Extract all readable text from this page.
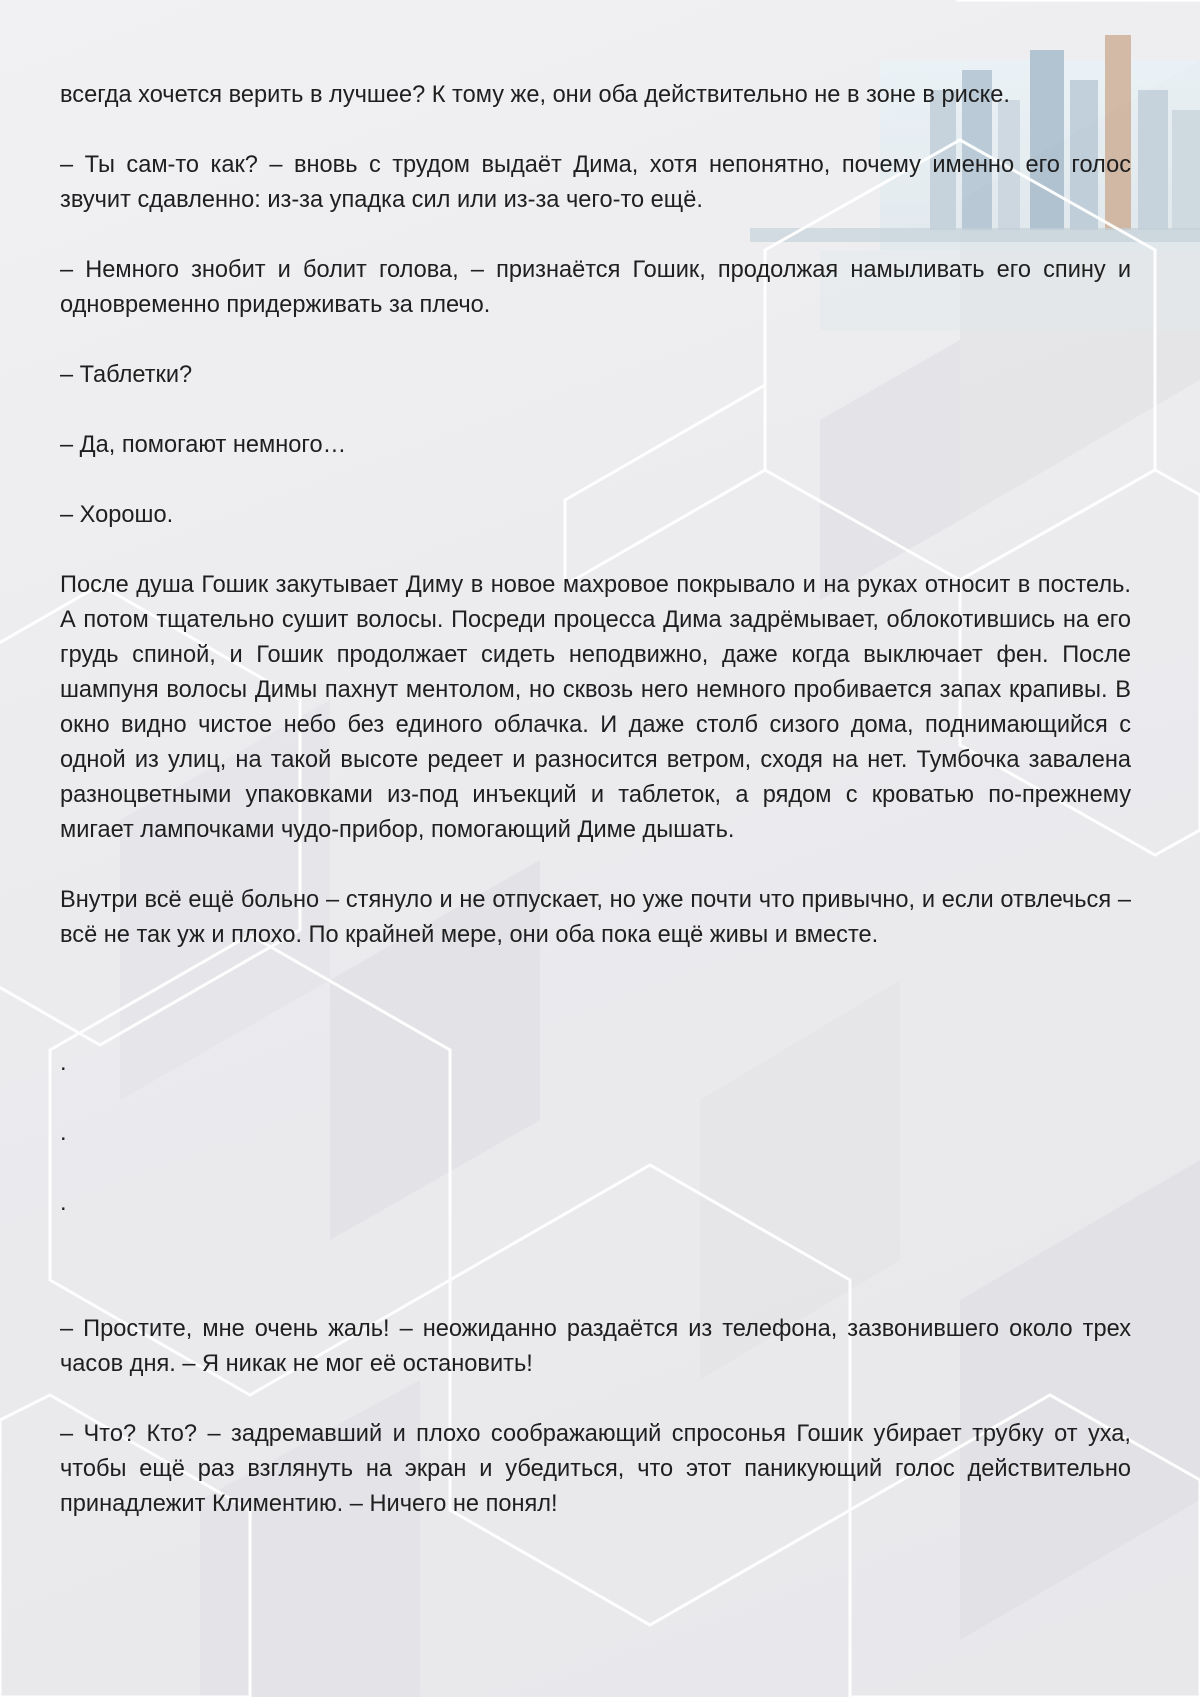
всегда хочется верить в лучшее? К тому же, они оба действительно не в зоне в риске.

– Ты сам-то как? – вновь с трудом выдаёт Дима, хотя непонятно, почему именно его голос звучит сдавленно: из-за упадка сил или из-за чего-то ещё.

– Немного знобит и болит голова, – признаётся Гошик, продолжая намыливать его спину и одновременно придерживать за плечо.

– Таблетки?

– Да, помогают немного…

– Хорошо.

После душа Гошик закутывает Диму в новое махровое покрывало и на руках относит в постель. А потом тщательно сушит волосы. Посреди процесса Дима задрёмывает, облокотившись на его грудь спиной, и Гошик продолжает сидеть неподвижно, даже когда выключает фен. После шампуня волосы Димы пахнут ментолом, но сквозь него немного пробивается запах крапивы. В окно видно чистое небо без единого облачка. И даже столб сизого дома, поднимающийся с одной из улиц, на такой высоте редеет и разносится ветром, сходя на нет. Тумбочка завалена разноцветными упаковками из-под инъекций и таблеток, а рядом с кроватью по-прежнему мигает лампочками чудо-прибор, помогающий Диме дышать.

Внутри всё ещё больно – стянуло и не отпускает, но уже почти что привычно, и если отвлечься – всё не так уж и плохо. По крайней мере, они оба пока ещё живы и вместе.

.

.

.

– Простите, мне очень жаль! – неожиданно раздаётся из телефона, зазвонившего около трех часов дня. – Я никак не мог её остановить!

– Что? Кто? – задремавший и плохо соображающий спросонья Гошик убирает трубку от уха, чтобы ещё раз взглянуть на экран и убедиться, что этот паникующий голос действительно принадлежит Климентию. – Ничего не понял!
